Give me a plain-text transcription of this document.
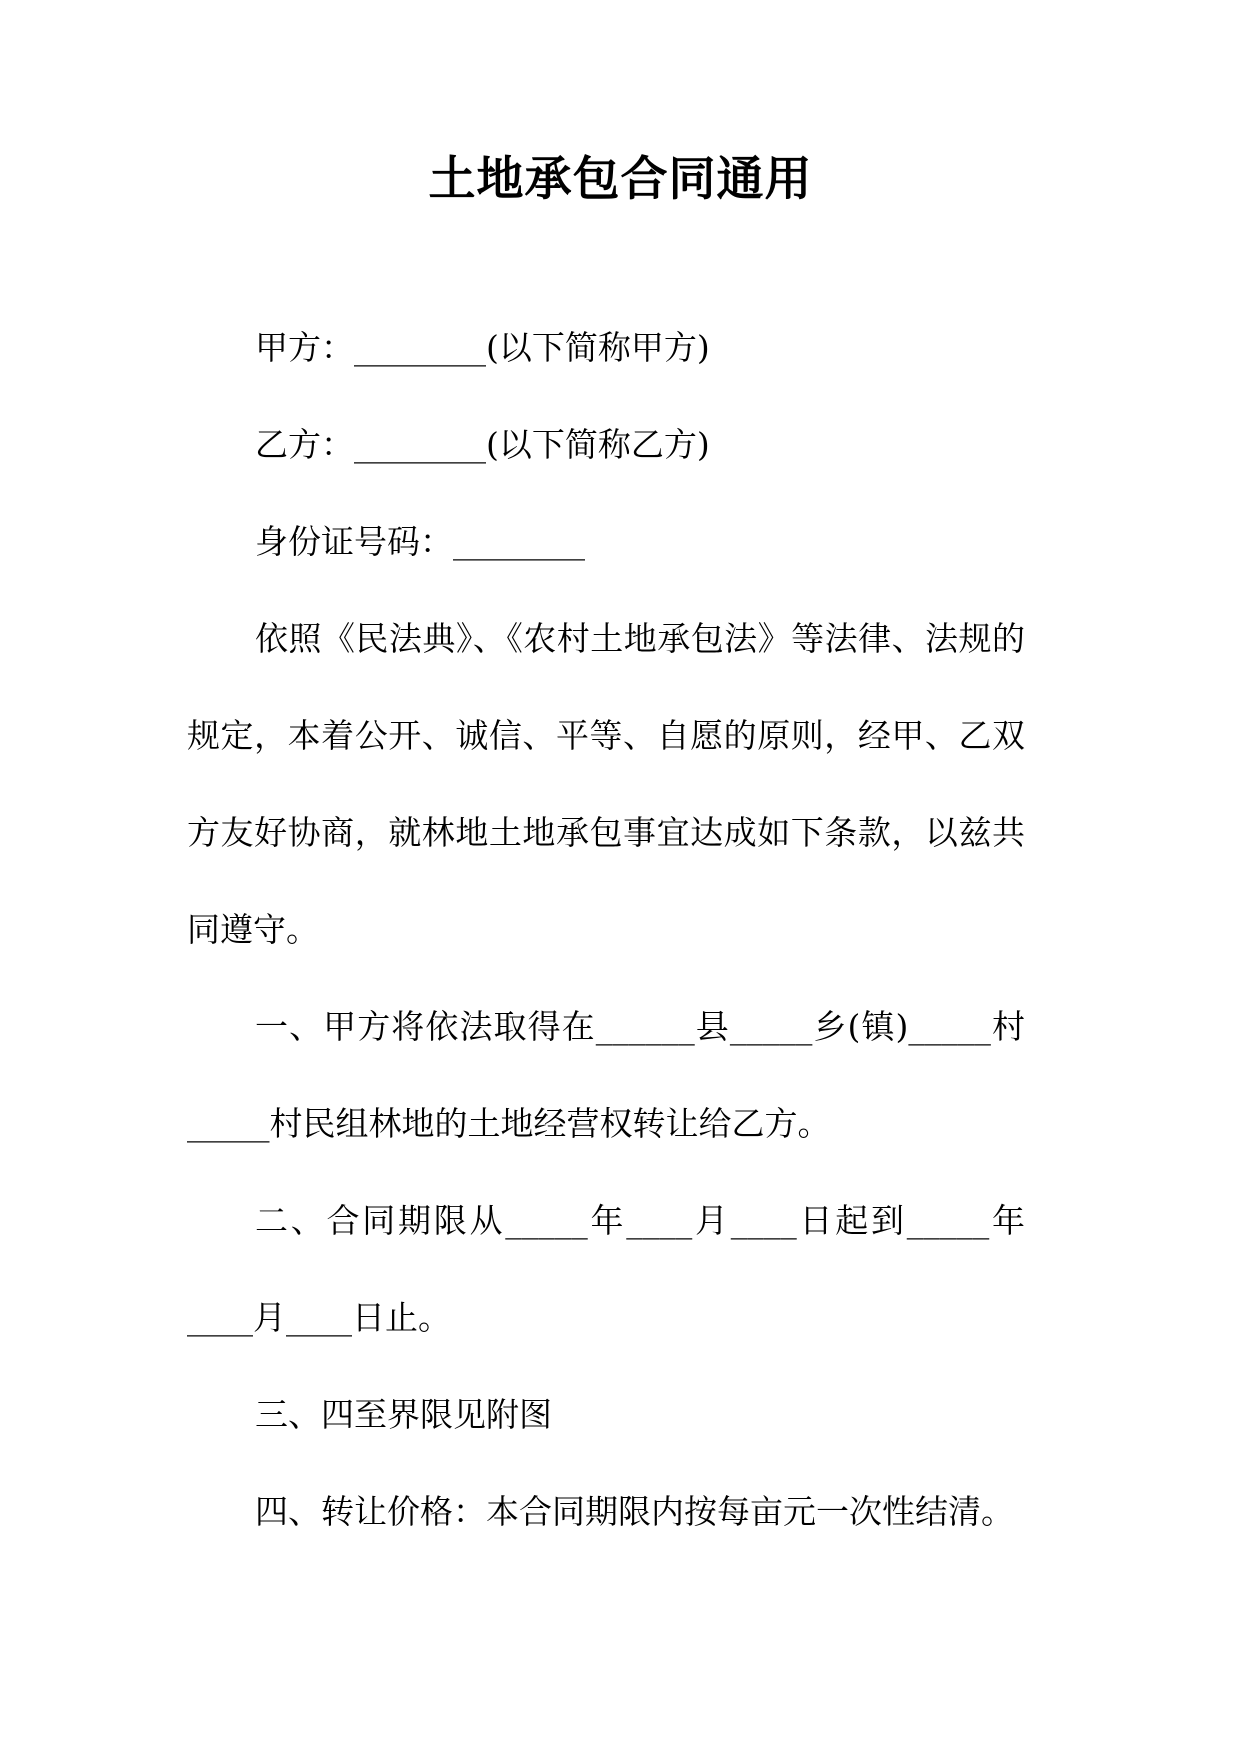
土地承包合同通用

甲方：________(以下简称甲方)

乙方：________(以下简称乙方)

身份证号码：________

依照《民法典》、《农村土地承包法》等法律、法规的规定，本着公开、诚信、平等、自愿的原则，经甲、乙双方友好协商，就林地土地承包事宜达成如下条款，以兹共同遵守。

一、甲方将依法取得在______县_____乡(镇)_____村_____村民组林地的土地经营权转让给乙方。

二、合同期限从_____年____月____日起到_____年____月____日止。

三、四至界限见附图

四、转让价格：本合同期限内按每亩元一次性结清。
